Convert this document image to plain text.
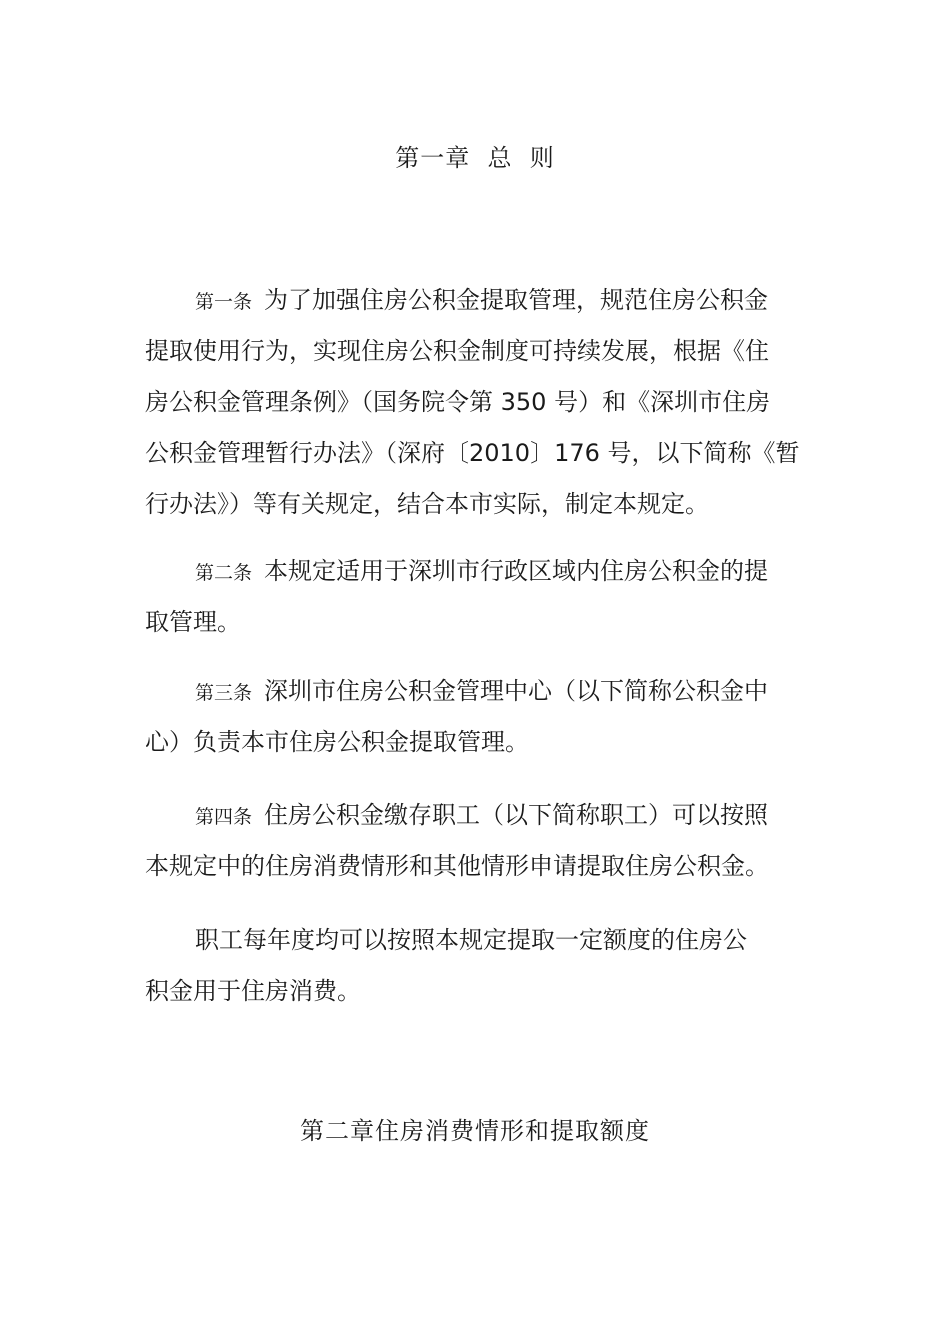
第一章  总  则
第一条 为了加强住房公积金提取管理，规范住房公积金
提取使用行为，实现住房公积金制度可持续发展，根据《住
房公积金管理条例》（国务院令第 350 号）和《深圳市住房
公积金管理暂行办法》（深府〔2010〕176 号，以下简称《暂
行办法》）等有关规定，结合本市实际，制定本规定。
第二条 本规定适用于深圳市行政区域内住房公积金的提
取管理。
第三条 深圳市住房公积金管理中心（以下简称公积金中
心）负责本市住房公积金提取管理。
第四条 住房公积金缴存职工（以下简称职工）可以按照
本规定中的住房消费情形和其他情形申请提取住房公积金。
职工每年度均可以按照本规定提取一定额度的住房公
积金用于住房消费。
第二章住房消费情形和提取额度
